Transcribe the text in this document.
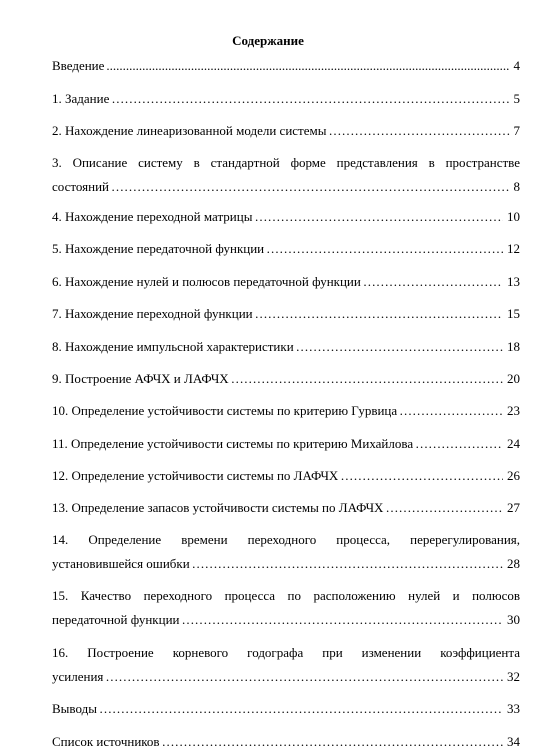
Содержание
Введение .....	4
1. Задание ……………………………………………………………………………………………………………………………………………………………………………………………	5
2. Нахождение линеаризованной модели системы ……………………………………………………………………………………………………………………………………………………………………………………………	7
3. Описание систему в стандартной форме представления в пространстве
состояний ……………………………………………………………………………………………………………………………………………………………………………………………	8
4. Нахождение переходной матрицы ……………………………………………………………………………………………………………………………………………………………………………………………	10
5. Нахождение передаточной функции ……………………………………………………………………………………………………………………………………………………………………………………………	12
6. Нахождение нулей и полюсов передаточной функции ……………………………………………………………………………………………………………………………………………………………………………………………	13
7. Нахождение переходной функции ……………………………………………………………………………………………………………………………………………………………………………………………	15
8. Нахождение импульсной характеристики ……………………………………………………………………………………………………………………………………………………………………………………………	18
9. Построение АФЧХ и ЛАФЧХ ……………………………………………………………………………………………………………………………………………………………………………………………	20
10. Определение устойчивости системы по критерию Гурвица ……………………………………………………………………………………………………………………………………………………………………………………………	23
11. Определение устойчивости системы по критерию Михайлова ……………………………………………………………………………………………………………………………………………………………………………………………	24
12. Определение устойчивости системы по ЛАФЧХ ……………………………………………………………………………………………………………………………………………………………………………………………	26
13. Определение запасов устойчивости системы по ЛАФЧХ ……………………………………………………………………………………………………………………………………………………………………………………………	27
14. Определение времени переходного процесса, перерегулирования,
установившейся ошибки ……………………………………………………………………………………………………………………………………………………………………………………………	28
15. Качество переходного процесса по расположению нулей и полюсов
передаточной функции ……………………………………………………………………………………………………………………………………………………………………………………………	30
16. Построение корневого годографа при изменении коэффициента
усиления ……………………………………………………………………………………………………………………………………………………………………………………………	32
Выводы ……………………………………………………………………………………………………………………………………………………………………………………………	33
Список источников ……………………………………………………………………………………………………………………………………………………………………………………………	34
